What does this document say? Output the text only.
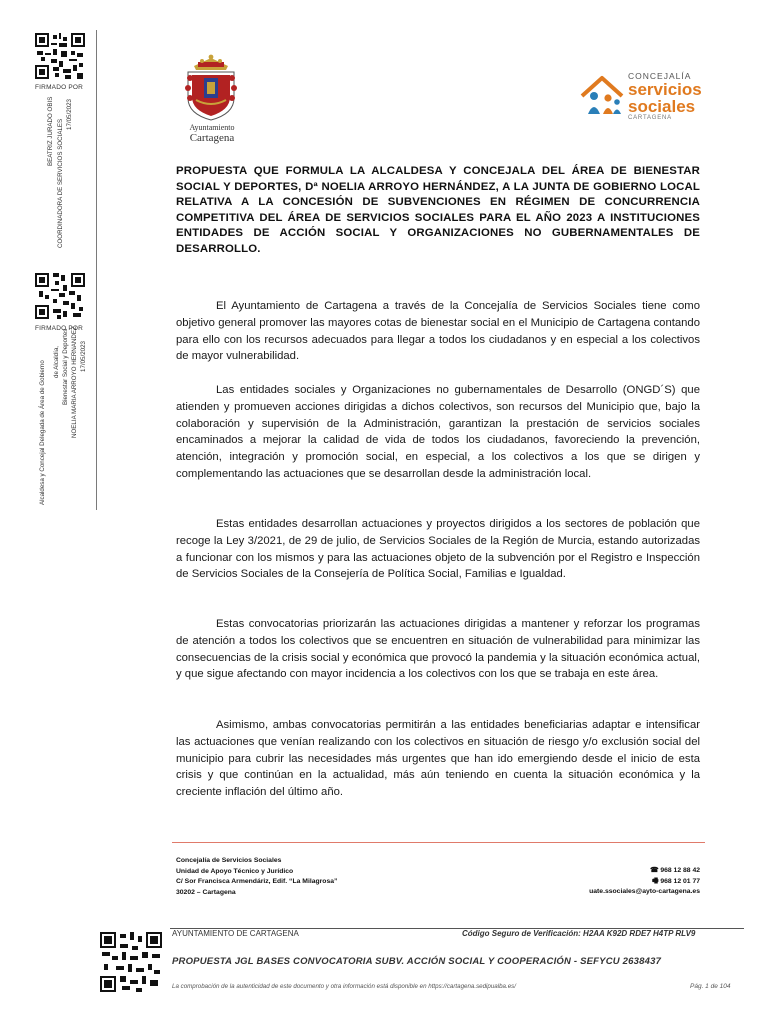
FIRMADO POR
17/05/2023
BEATRIZ JURADO OBIS COORDINADORA DE SERVICIOS SOCIALES
FIRMADO POR
17/05/2023
NOELIA MARIA ARROYO HERNANDEZ
Bienestar Social y Deportes
de Alcaldía,
Alcaldesa y Concejal Delegada de Área de Gobierno
Ayuntamiento
Cartagena
CONCEJALÍA
servicios
sociales
CARTAGENA
PROPUESTA QUE FORMULA LA ALCALDESA Y CONCEJALA DEL ÁREA DE BIENESTAR SOCIAL Y DEPORTES, Dª NOELIA ARROYO HERNÁNDEZ, A LA JUNTA DE GOBIERNO LOCAL RELATIVA A LA CONCESIÓN DE SUBVENCIONES EN RÉGIMEN DE CONCURRENCIA COMPETITIVA DEL ÁREA DE SERVICIOS SOCIALES PARA EL AÑO 2023 A INSTITUCIONES ENTIDADES DE ACCIÓN SOCIAL Y ORGANIZACIONES NO GUBERNAMENTALES DE DESARROLLO.
El Ayuntamiento de Cartagena a través de la Concejalía de Servicios Sociales tiene como objetivo general promover las mayores cotas de bienestar social en el Municipio de Cartagena contando para ello con los recursos adecuados para llegar a todos los ciudadanos y en especial a los colectivos de mayor vulnerabilidad.
Las entidades sociales y Organizaciones no gubernamentales de Desarrollo (ONGD´S) que atienden y promueven acciones dirigidas a dichos colectivos, son recursos del Municipio que, bajo la colaboración y supervisión de la Administración, garantizan la prestación de servicios sociales encaminados a mejorar la calidad de vida de todos los ciudadanos, favoreciendo la prevención, atención, integración y promoción social, en especial, a los colectivos a los que se dirigen y complementando las actuaciones que se desarrollan desde la administración local.
Estas entidades desarrollan actuaciones y proyectos dirigidos a los sectores de población que recoge la Ley 3/2021, de 29 de julio, de Servicios Sociales de la Región de Murcia, estando autorizadas a funcionar con los mismos y para las actuaciones objeto de la subvención por el Registro e Inspección de Servicios Sociales de la Consejería de Política Social, Familias e Igualdad.
Estas convocatorias priorizarán las actuaciones dirigidas a mantener y reforzar los programas de atención a todos los colectivos que se encuentren en situación de vulnerabilidad para minimizar las consecuencias de la crisis social y económica que provocó la pandemia y la situación económica actual, y que sigue afectando con mayor incidencia a los colectivos con los que se trabaja en este área.
Asimismo, ambas convocatorias permitirán a las entidades beneficiarias adaptar e intensificar las actuaciones que venían realizando con los colectivos en situación de riesgo y/o exclusión social del municipio para cubrir las necesidades más urgentes que han ido emergiendo desde el inicio de esta crisis y que continúan en la actualidad, más aún teniendo en cuenta la situación económica y la creciente inflación del último año.
Concejalía de Servicios Sociales
Unidad de Apoyo Técnico y Jurídico
C/ Sor Francisca Armendáriz, Edif. “La Milagrosa”
30202 – Cartagena
☎ 968 12 88 42
🖷 968 12 01 77
uate.ssociales@ayto-cartagena.es
AYUNTAMIENTO DE CARTAGENA	Código Seguro de Verificación: H2AA K92D RDE7 H4TP RLV9
PROPUESTA JGL BASES CONVOCATORIA SUBV. ACCIÓN SOCIAL Y COOPERACIÓN - SEFYCU 2638437
La comprobación de la autenticidad de este documento y otra información está disponible en https://cartagena.sedipualba.es/	Pág. 1 de 104
